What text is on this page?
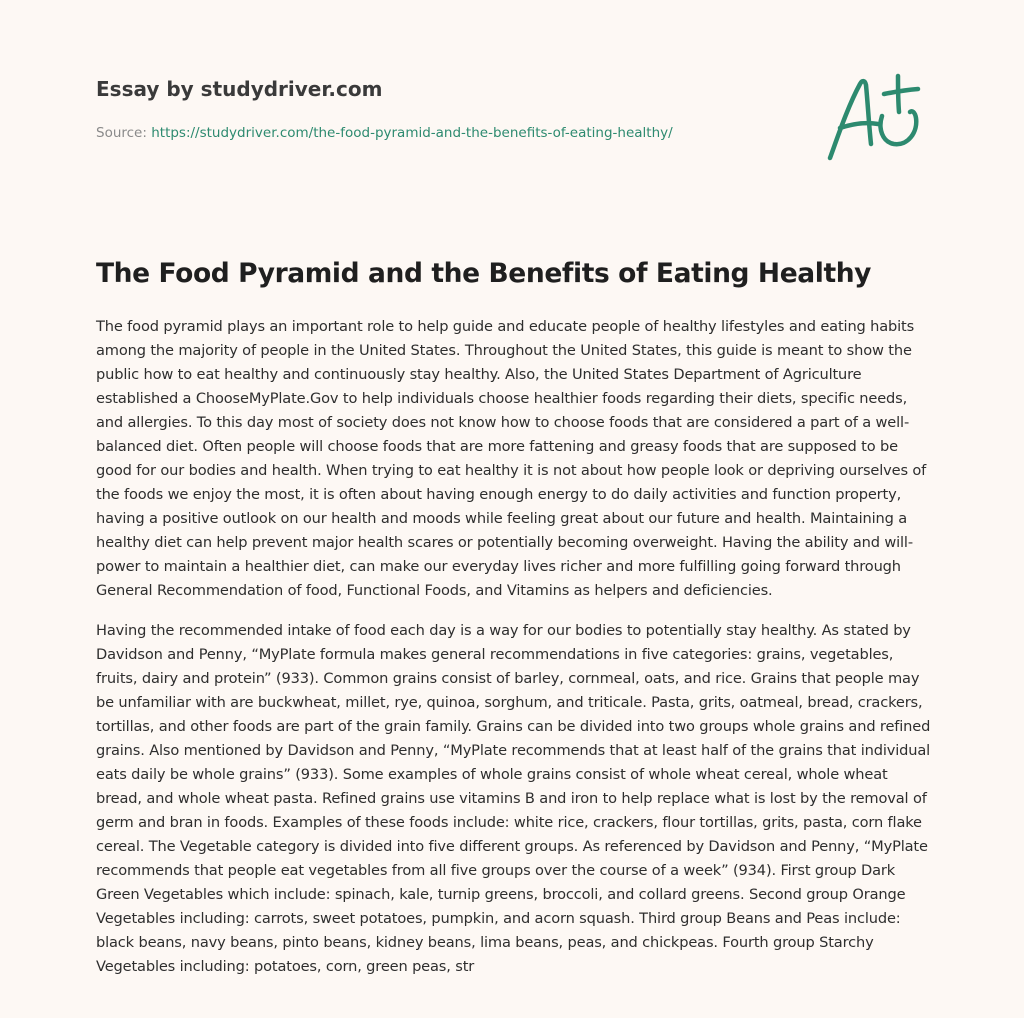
Essay by studydriver.com
Source: https://studydriver.com/the-food-pyramid-and-the-benefits-of-eating-healthy/
The Food Pyramid and the Benefits of Eating Healthy

The food pyramid plays an important role to help guide and educate people of healthy lifestyles and eating habits among the majority of people in the United States. Throughout the United States, this guide is meant to show the public how to eat healthy and continuously stay healthy. Also, the United States Department of Agriculture established a ChooseMyPlate.Gov to help individuals choose healthier foods regarding their diets, specific needs, and allergies. To this day most of society does not know how to choose foods that are considered a part of a well-balanced diet. Often people will choose foods that are more fattening and greasy foods that are supposed to be good for our bodies and health. When trying to eat healthy it is not about how people look or depriving ourselves of the foods we enjoy the most, it is often about having enough energy to do daily activities and function property, having a positive outlook on our health and moods while feeling great about our future and health. Maintaining a healthy diet can help prevent major health scares or potentially becoming overweight. Having the ability and will-power to maintain a healthier diet, can make our everyday lives richer and more fulfilling going forward through General Recommendation of food, Functional Foods, and Vitamins as helpers and deficiencies.

Having the recommended intake of food each day is a way for our bodies to potentially stay healthy. As stated by Davidson and Penny, “MyPlate formula makes general recommendations in five categories: grains, vegetables, fruits, dairy and protein” (933). Common grains consist of barley, cornmeal, oats, and rice. Grains that people may be unfamiliar with are buckwheat, millet, rye, quinoa, sorghum, and triticale. Pasta, grits, oatmeal, bread, crackers, tortillas, and other foods are part of the grain family. Grains can be divided into two groups whole grains and refined grains. Also mentioned by Davidson and Penny, “MyPlate recommends that at least half of the grains that individual eats daily be whole grains” (933). Some examples of whole grains consist of whole wheat cereal, whole wheat bread, and whole wheat pasta. Refined grains use vitamins B and iron to help replace what is lost by the removal of germ and bran in foods. Examples of these foods include: white rice, crackers, flour tortillas, grits, pasta, corn flake cereal. The Vegetable category is divided into five different groups. As referenced by Davidson and Penny, “MyPlate recommends that people eat vegetables from all five groups over the course of a week” (934). First group Dark Green Vegetables which include: spinach, kale, turnip greens, broccoli, and collard greens. Second group Orange Vegetables including: carrots, sweet potatoes, pumpkin, and acorn squash. Third group Beans and Peas include: black beans, navy beans, pinto beans, kidney beans, lima beans, peas, and chickpeas. Fourth group Starchy Vegetables including: potatoes, corn, green peas, str
